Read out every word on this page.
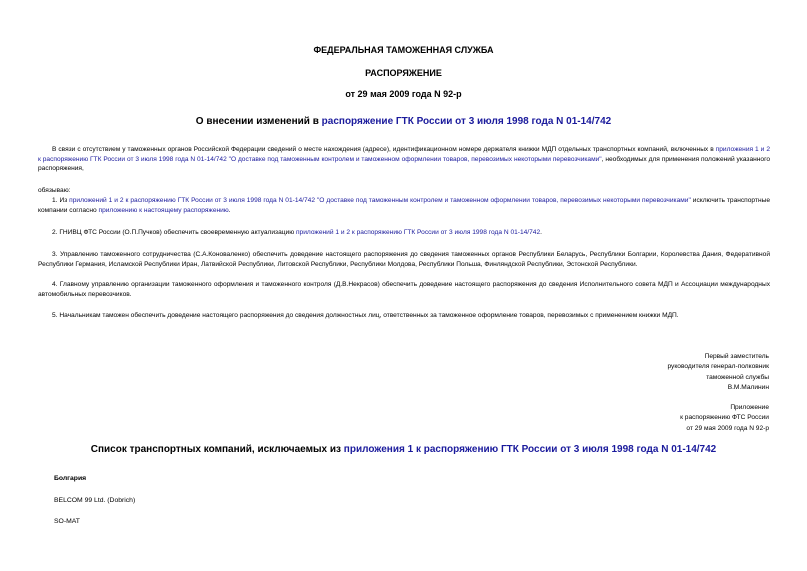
ФЕДЕРАЛЬНАЯ ТАМОЖЕННАЯ СЛУЖБА
РАСПОРЯЖЕНИЕ
от 29 мая 2009 года N 92-р
О внесении изменений в распоряжение ГТК России от 3 июля 1998 года N 01-14/742
В связи с отсутствием у таможенных органов Российской Федерации сведений о месте нахождения (адресе), идентификационном номере держателя книжки МДП отдельных транспортных компаний, включенных в приложения 1 и 2 к распоряжению ГТК России от 3 июля 1998 года N 01-14/742 "О доставке под таможенным контролем и таможенном оформлении товаров, перевозимых некоторыми перевозчиками", необходимых для применения положений указанного распоряжения,
обязываю:
1. Из приложений 1 и 2 к распоряжению ГТК России от 3 июля 1998 года N 01-14/742 "О доставке под таможенным контролем и таможенном оформлении товаров, перевозимых некоторыми перевозчиками" исключить транспортные компании согласно приложению к настоящему распоряжению.
2. ГНИВЦ ФТС России (О.П.Пучков) обеспечить своевременную актуализацию приложений 1 и 2 к распоряжению ГТК России от 3 июля 1998 года N 01-14/742.
3. Управлению таможенного сотрудничества (С.А.Коноваленко) обеспечить доведение настоящего распоряжения до сведения таможенных органов Республики Беларусь, Республики Болгарии, Королевства Дания, Федеративной Республики Германия, Исламской Республики Иран, Латвийской Республики, Литовской Республики, Республики Молдова, Республики Польша, Финляндской Республики, Эстонской Республики.
4. Главному управлению организации таможенного оформления и таможенного контроля (Д.В.Некрасов) обеспечить доведение настоящего распоряжения до сведения Исполнительного совета МДП и Ассоциации международных автомобильных перевозчиков.
5. Начальникам таможен обеспечить доведение настоящего распоряжения до сведения должностных лиц, ответственных за таможенное оформление товаров, перевозимых с применением книжки МДП.
Первый заместитель
руководителя генерал-полковник
таможенной службы
В.М.Малинин
Приложение
к распоряжению ФТС России
от 29 мая 2009 года N 92-р
Список транспортных компаний, исключаемых из приложения 1 к распоряжению ГТК России от 3 июля 1998 года N 01-14/742
Болгария
BELCOM 99 Ltd. (Dobrich)
SO-MAT
